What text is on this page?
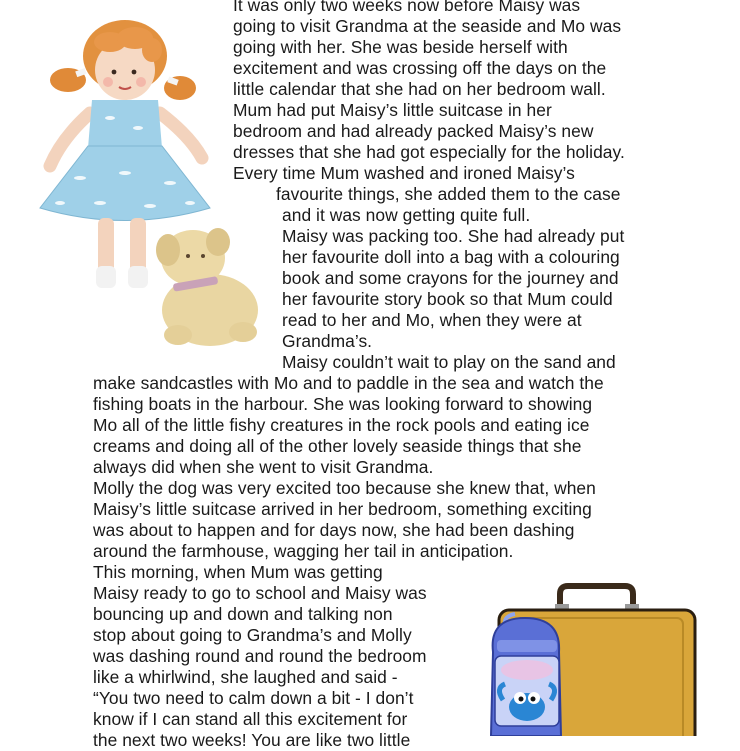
It was only two weeks now before Maisy was
going to visit Grandma at the seaside and Mo was
going with her. She was beside herself with
excitement and was crossing off the days on the
little calendar that she had on her bedroom wall.
Mum had put Maisy’s little suitcase in her
bedroom and had already packed Maisy’s new
dresses that she had got especially for the holiday.
Every time Mum washed and ironed Maisy’s
favourite things, she added them to the case
and it was now getting quite full.
Maisy was packing too. She had already put
her favourite doll into a bag with a colouring
book and some crayons for the journey and
her favourite story book so that Mum could
read to her and Mo, when they were at
Grandma’s.
Maisy couldn’t wait to play on the sand and
make sandcastles with Mo and to paddle in the sea and watch the
fishing boats in the harbour. She was looking forward to showing
Mo all of the little fishy creatures in the rock pools and eating ice
creams and doing all of the other lovely seaside things that she
always did when she went to visit Grandma.
Molly the dog was very excited too because she knew that, when
Maisy’s little suitcase arrived in her bedroom, something exciting
was about to happen and for days now, she had been dashing
around the farmhouse, wagging her tail in anticipation.
This morning, when Mum was getting
Maisy ready to go to school and Maisy was
bouncing up and down and talking non
stop about going to Grandma’s and Molly
was dashing round and round the bedroom
like a whirlwind, she laughed and said -
“You two need to calm down a bit - I don’t
know if I can stand all this excitement for
the next two weeks! You are like two little
